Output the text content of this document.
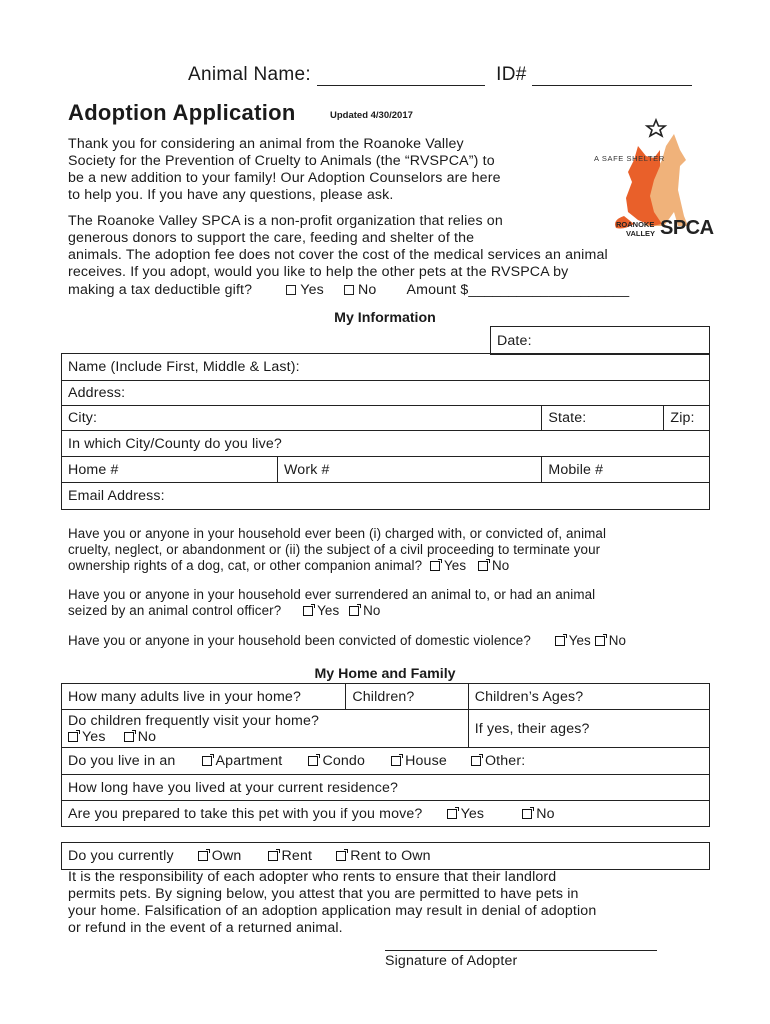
Animal Name:	ID#
Adoption Application	Updated 4/30/2017
A SAFE SHELTER
ROANOKE
VALLEY SPCA
Thank you for considering an animal from the Roanoke Valley
Society for the Prevention of Cruelty to Animals (the “RVSPCA”) to
be a new addition to your family! Our Adoption Counselors are here
to help you. If you have any questions, please ask.
The Roanoke Valley SPCA is a non-profit organization that relies on
generous donors to support the care, feeding and shelter of the
animals. The adoption fee does not cover the cost of the medical services an animal
receives. If you adopt, would you like to help the other pets at the RVSPCA by
making a tax deductible gift?	Yes No Amount $____________________
My Information
Date:
Name (Include First, Middle & Last):			
Address:			
City:		State:	Zip:
In which City/County do you live?			
Home #	Work #	Mobile #	
Email Address:			
Have you or anyone in your household ever been (i) charged with, or convicted of, animal
cruelty, neglect, or abandonment or (ii) the subject of a civil proceeding to terminate your
ownership rights of a dog, cat, or other companion animal? Yes No
Have you or anyone in your household ever surrendered an animal to, or had an animal
seized by an animal control officer?	Yes No
Have you or anyone in your household been convicted of domestic violence?	Yes No
My Home and Family
How many adults live in your home?	Children?	Children’s Ages?

Do children frequently visit your home?
Yes No		If yes, their ages?
Do you live in an Apartment Condo House Other:		
How long have you lived at your current residence?		
Are you prepared to take this pet with you if you move? Yes No		
Do you currently	Own	Rent	Rent to Own
It is the responsibility of each adopter who rents to ensure that their landlord
permits pets. By signing below, you attest that you are permitted to have pets in
your home. Falsification of an adoption application may result in denial of adoption
or refund in the event of a returned animal.
Signature of Adopter
